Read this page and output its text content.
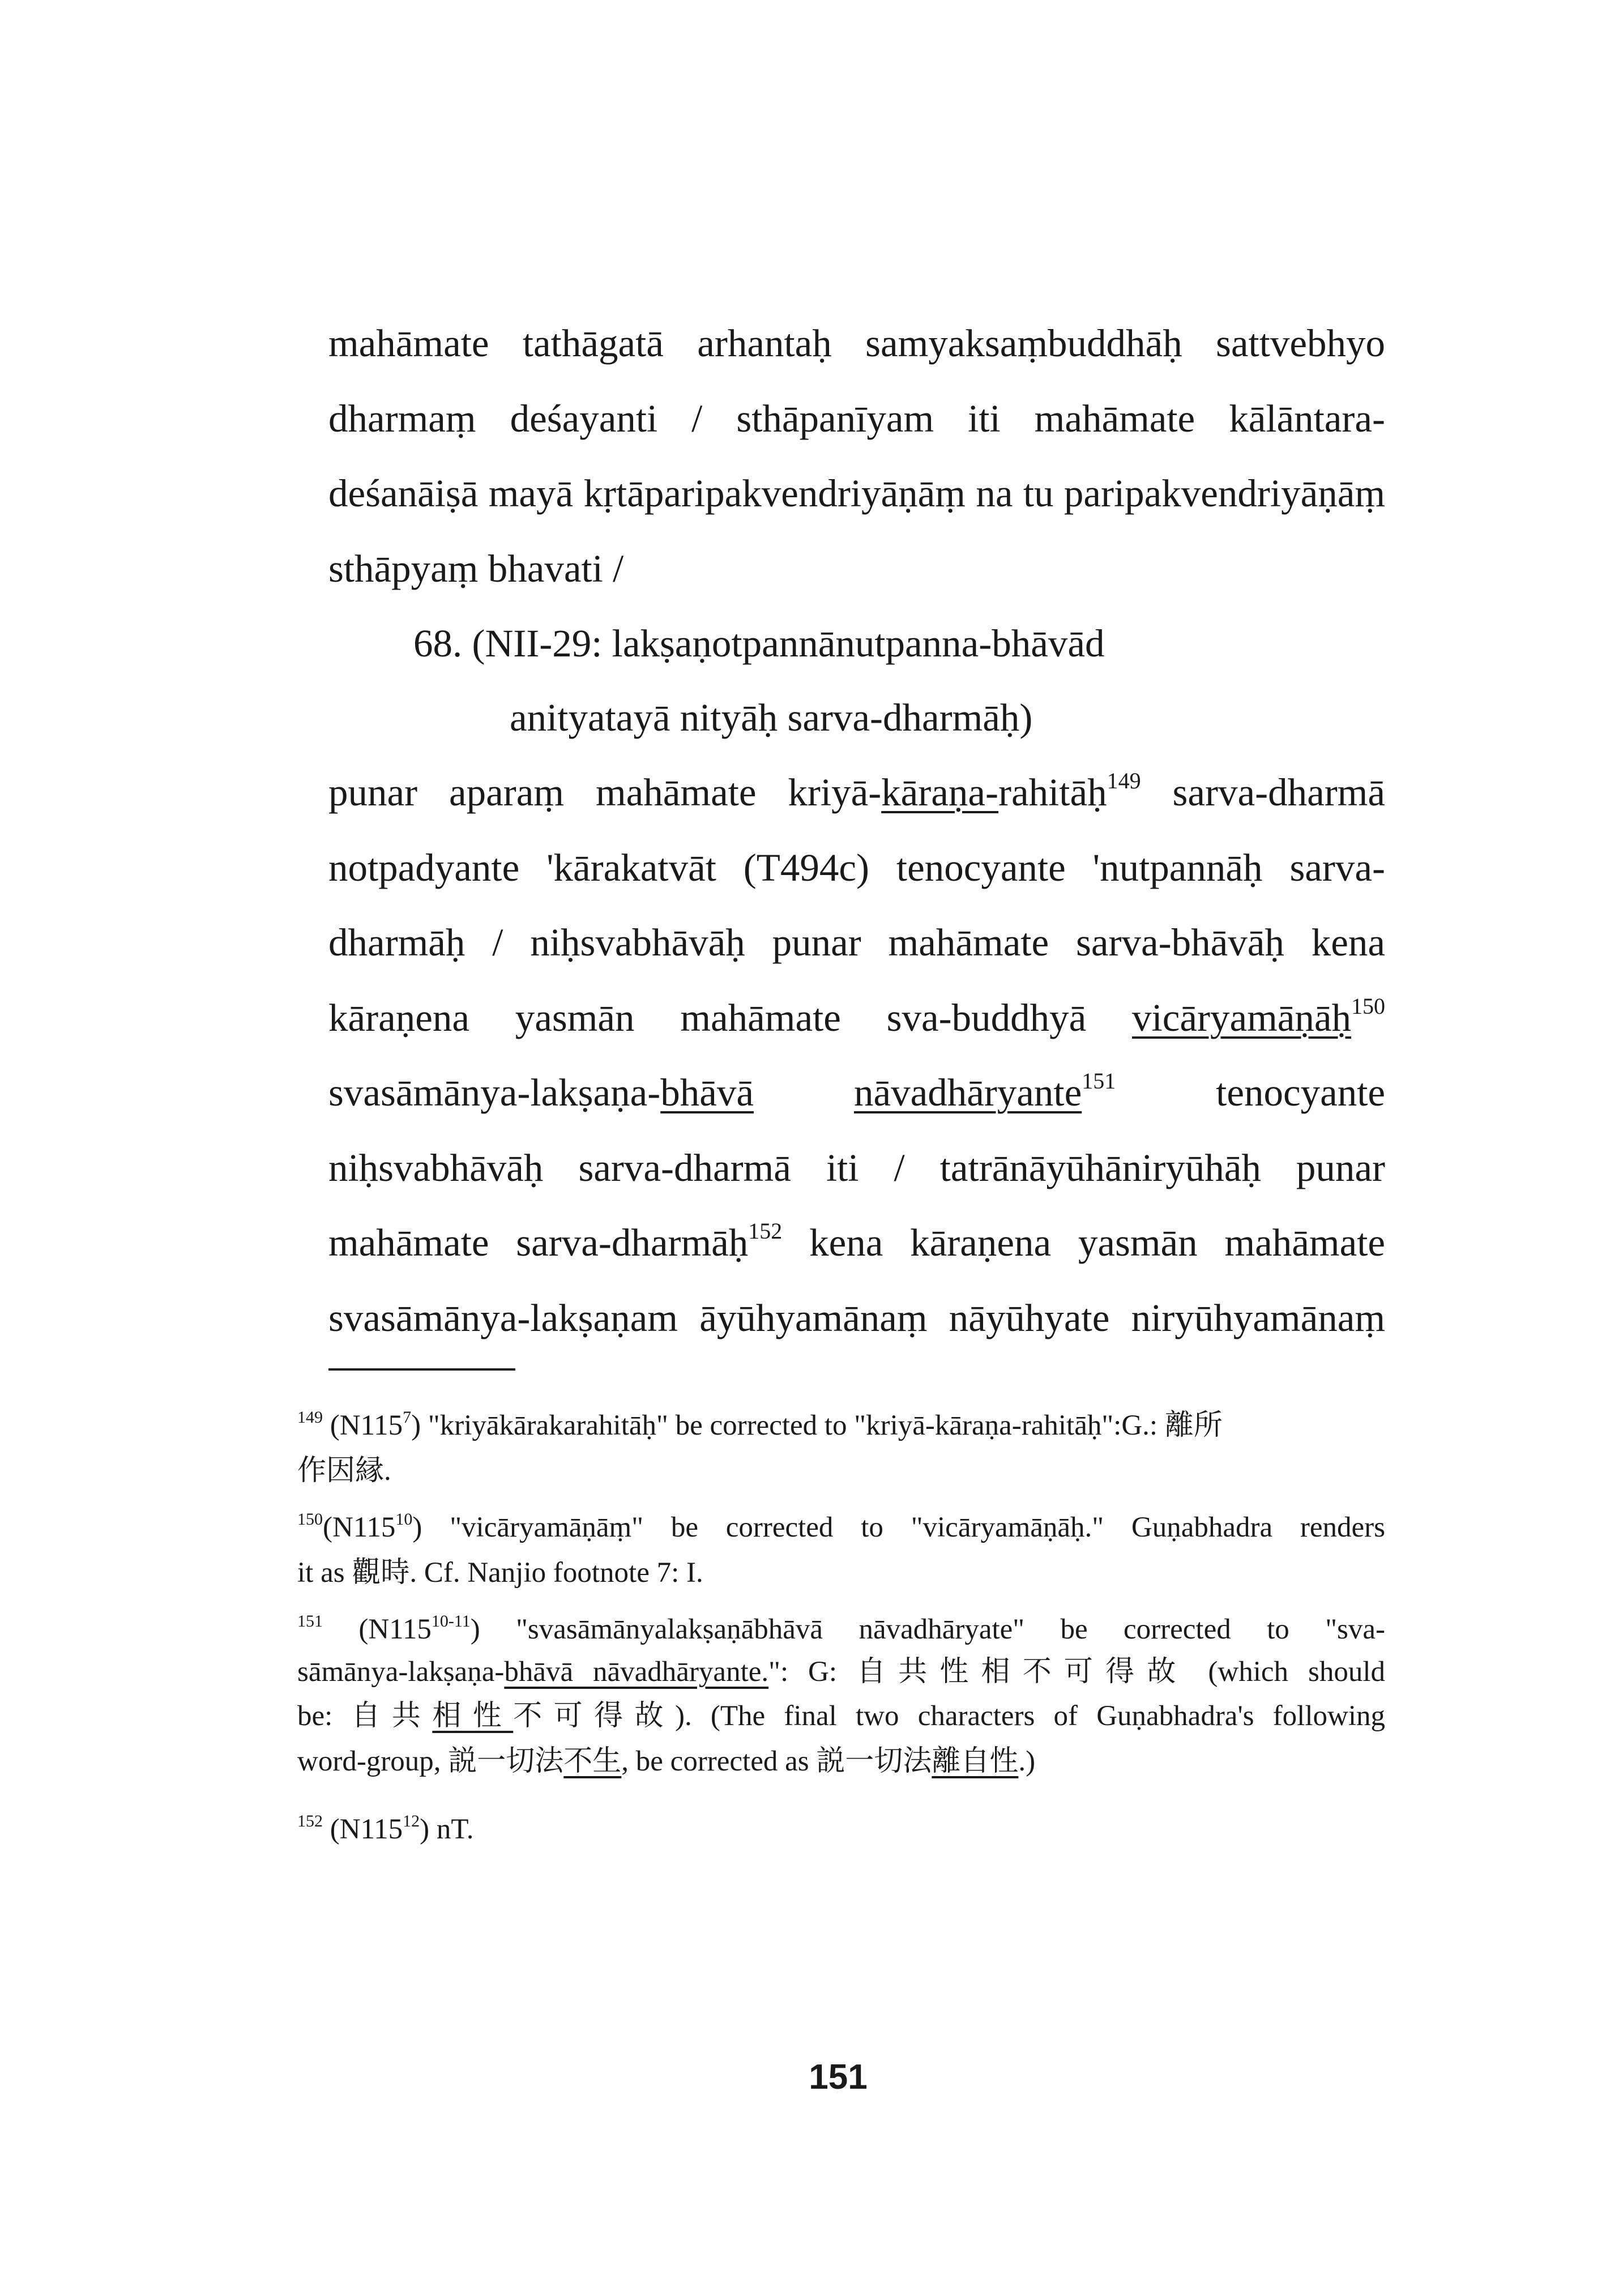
mahāmate tathāgatā arhantaḥ samyaksaṃbuddhāḥ sattvebhyo
dharmaṃ deśayanti / sthāpanīyam iti mahāmate kālāntara-
deśanāiṣā mayā kṛtāparipakvendriyāṇāṃ na tu paripakvendriyāṇāṃ
sthāpyaṃ bhavati /
68. (NII-29: lakṣaṇotpannānutpanna-bhāvād
anityatayā nityāḥ sarva-dharmāḥ)
punar aparaṃ mahāmate kriyā-kāraṇa-rahitāḥ$^{149}$ sarva-dharmā
notpadyante 'kārakatvāt (T494c) tenocyante 'nutpannāḥ sarva-
dharmāḥ / niḥsvabhāvāḥ punar mahāmate sarva-bhāvāḥ kena
kāraṇena yasmān mahāmate sva-buddhyā vicāryamāṇāḥ$^{150}$
svasāmānya-lakṣaṇa-bhāvā	nāvadhāryante$^{151}$	tenocyante
niḥsvabhāvāḥ sarva-dharmā iti / tatrānāyūhāniryūhāḥ punar
mahāmate sarva-dharmāḥ$^{152}$ kena kāraṇena yasmān mahāmate
svasāmānya-lakṣaṇam āyūhyamānaṃ nāyūhyate niryūhyamānaṃ
$^{149}$ $(N115^7)$ "kriyākārakarahitāḥ" be corrected to "kriyā-kāraṇa-rahitāḥ":G.: 離所
作因縁.
$^{150}(N115^{10})$ "vicāryamāṇāṃ" be corrected to "vicāryamāṇāḥ." Guṇabhadra renders
it as 觀時. Cf. Nanjio footnote 7: I.
$^{151}$ (N115$^{10-11}$) "svasāmānyalakṣaṇābhāvā nāvadhāryate" be corrected to "sva-
sāmānya-lakṣaṇa-bhāvā nāvadhāryante.": G: 自共性相不可得故 (which should
be: 自共相性不可得故). (The final two characters of Guṇabhadra's following
word-group, 説一切法不生, be corrected as 説一切法離自性.)
$^{152}$ $(N115^{12})$ nT.
151
